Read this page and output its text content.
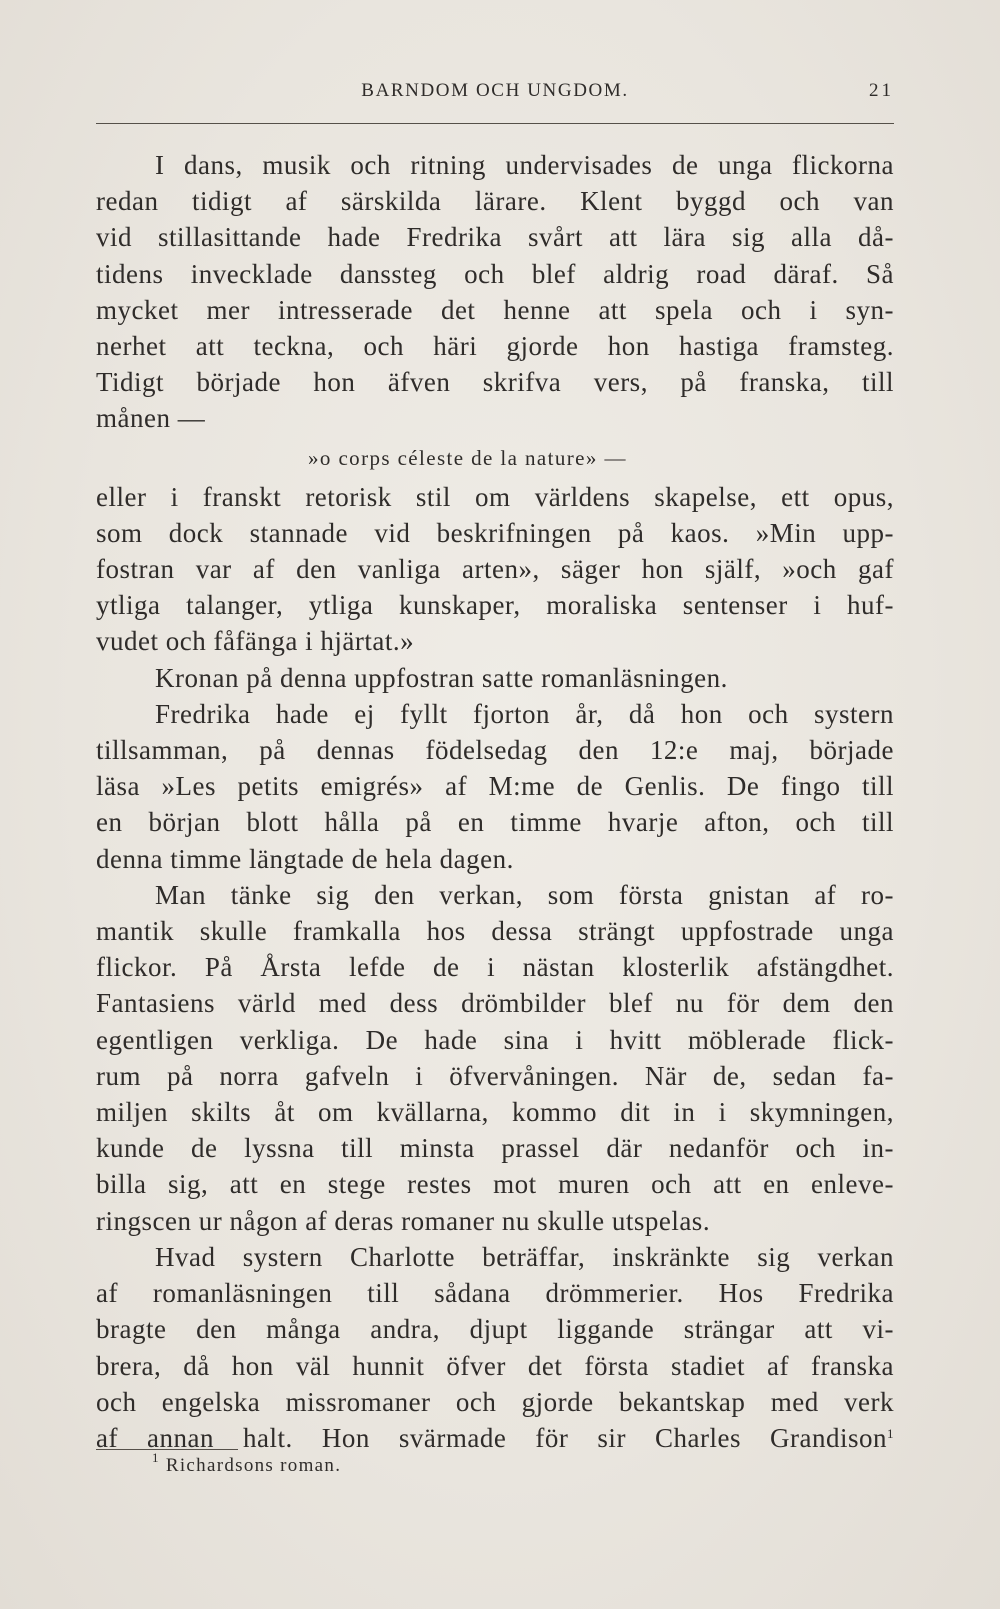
BARNDOM OCH UNGDOM.	21
I dans, musik och ritning undervisades de unga flickorna
redan tidigt af särskilda lärare. Klent byggd och van
vid stillasittande hade Fredrika svårt att lära sig alla då-
tidens invecklade danssteg och blef aldrig road däraf. Så
mycket mer intresserade det henne att spela och i syn-
nerhet att teckna, och häri gjorde hon hastiga framsteg.
Tidigt började hon äfven skrifva vers, på franska, till
månen —
»o corps céleste de la nature» —
eller i franskt retorisk stil om världens skapelse, ett opus,
som dock stannade vid beskrifningen på kaos. »Min upp-
fostran var af den vanliga arten», säger hon själf, »och gaf
ytliga talanger, ytliga kunskaper, moraliska sentenser i huf-
vudet och fåfänga i hjärtat.»
Kronan på denna uppfostran satte romanläsningen.
Fredrika hade ej fyllt fjorton år, då hon och systern
tillsamman, på dennas födelsedag den 12:e maj, började
läsa »Les petits emigrés» af M:me de Genlis. De fingo till
en början blott hålla på en timme hvarje afton, och till
denna timme längtade de hela dagen.
Man tänke sig den verkan, som första gnistan af ro-
mantik skulle framkalla hos dessa strängt uppfostrade unga
flickor. På Årsta lefde de i nästan klosterlik afstängdhet.
Fantasiens värld med dess drömbilder blef nu för dem den
egentligen verkliga. De hade sina i hvitt möblerade flick-
rum på norra gafveln i öfvervåningen. När de, sedan fa-
miljen skilts åt om kvällarna, kommo dit in i skymningen,
kunde de lyssna till minsta prassel där nedanför och in-
billa sig, att en stege restes mot muren och att en enleve-
ringscen ur någon af deras romaner nu skulle utspelas.
Hvad systern Charlotte beträffar, inskränkte sig verkan
af romanläsningen till sådana drömmerier. Hos Fredrika
bragte den många andra, djupt liggande strängar att vi-
brera, då hon väl hunnit öfver det första stadiet af franska
och engelska missromaner och gjorde bekantskap med verk
af annan halt. Hon svärmade för sir Charles Grandison$^1$
$^1$ Richardsons roman.
